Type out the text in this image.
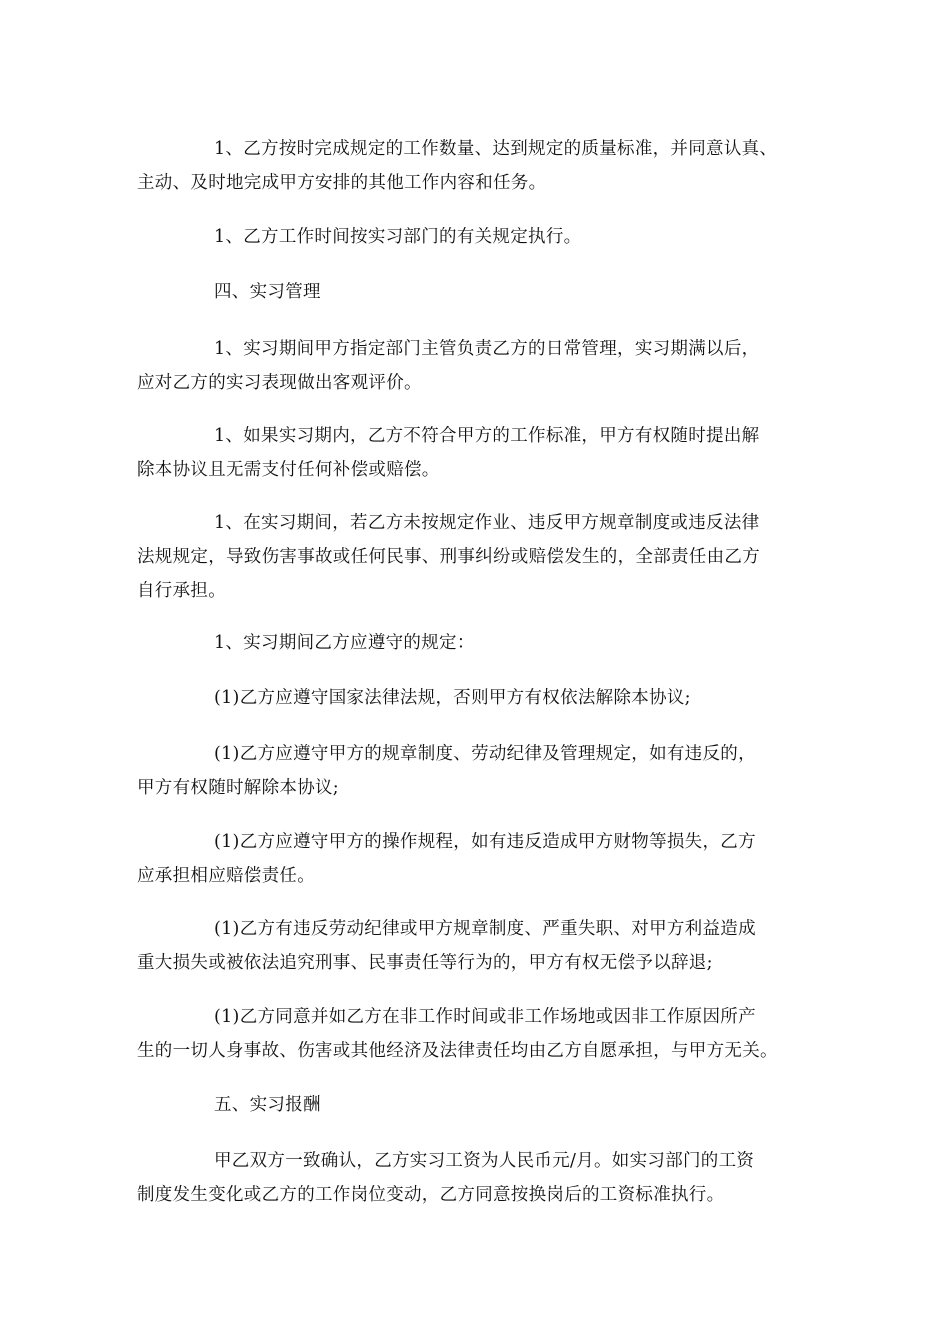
1、乙方按时完成规定的工作数量、达到规定的质量标准，并同意认真、
主动、及时地完成甲方安排的其他工作内容和任务。

1、乙方工作时间按实习部门的有关规定执行。

四、实习管理

1、实习期间甲方指定部门主管负责乙方的日常管理，实习期满以后，
应对乙方的实习表现做出客观评价。

1、如果实习期内，乙方不符合甲方的工作标准，甲方有权随时提出解
除本协议且无需支付任何补偿或赔偿。

1、在实习期间，若乙方未按规定作业、违反甲方规章制度或违反法律
法规规定，导致伤害事故或任何民事、刑事纠纷或赔偿发生的，全部责任由乙方
自行承担。

1、实习期间乙方应遵守的规定：

(1)乙方应遵守国家法律法规，否则甲方有权依法解除本协议;

(1)乙方应遵守甲方的规章制度、劳动纪律及管理规定，如有违反的，
甲方有权随时解除本协议;

(1)乙方应遵守甲方的操作规程，如有违反造成甲方财物等损失，乙方
应承担相应赔偿责任。

(1)乙方有违反劳动纪律或甲方规章制度、严重失职、对甲方利益造成
重大损失或被依法追究刑事、民事责任等行为的，甲方有权无偿予以辞退;

(1)乙方同意并如乙方在非工作时间或非工作场地或因非工作原因所产
生的一切人身事故、伤害或其他经济及法律责任均由乙方自愿承担，与甲方无关。

五、实习报酬

甲乙双方一致确认，乙方实习工资为人民币元/月。如实习部门的工资
制度发生变化或乙方的工作岗位变动，乙方同意按换岗后的工资标准执行。
